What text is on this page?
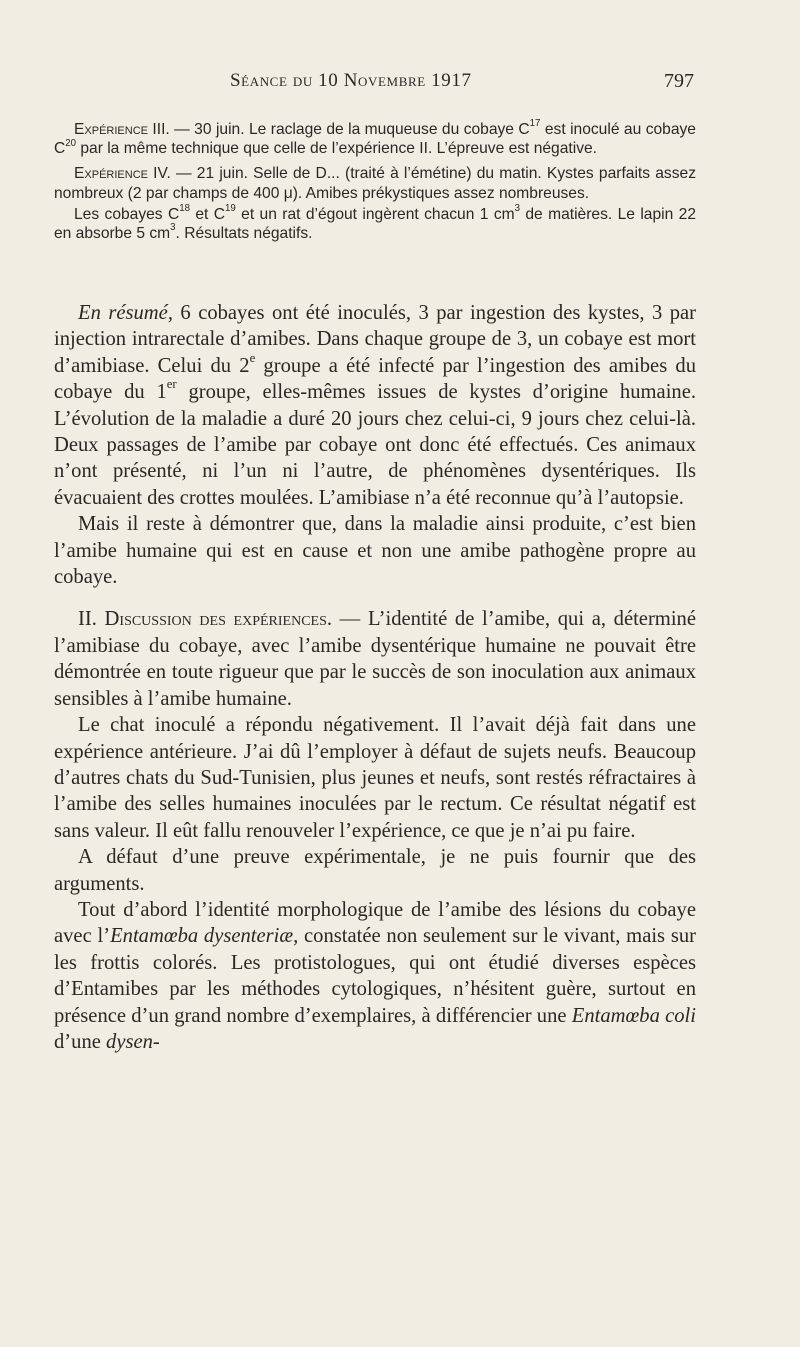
Séance du 10 Novembre 1917	797

Expérience III. — 30 juin. Le raclage de la muqueuse du cobaye $C^{17}$ est inoculé au cobaye $C^{20}$ par la même technique que celle de l’expérience II. L’épreuve est négative.

Expérience IV. — 21 juin. Selle de D... (traité à l’émétine) du matin. Kystes parfaits assez nombreux (2 par champs de 400 μ). Amibes prékystiques assez nombreuses.

Les cobayes $C^{18}$ et $C^{19}$ et un rat d’égout ingèrent chacun 1 $cm^3$ de matières. Le lapin 22 en absorbe 5 $cm^3$. Résultats négatifs.

En résumé, 6 cobayes ont été inoculés, 3 par ingestion des kystes, 3 par injection intrarectale d’amibes. Dans chaque groupe de 3, un cobaye est mort d’amibiase. Celui du 2e groupe a été infecté par l’ingestion des amibes du cobaye du 1er groupe, elles-mêmes issues de kystes d’origine humaine. L’évolution de la maladie a duré 20 jours chez celui-ci, 9 jours chez celui-là. Deux passages de l’amibe par cobaye ont donc été effectués. Ces animaux n’ont présenté, ni l’un ni l’autre, de phénomènes dysentériques. Ils évacuaient des crottes moulées. L’amibiase n’a été reconnue qu’à l’autopsie.

Mais il reste à démontrer que, dans la maladie ainsi produite, c’est bien l’amibe humaine qui est en cause et non une amibe pathogène propre au cobaye.

II. Discussion des expériences. — L’identité de l’amibe, qui a, déterminé l’amibiase du cobaye, avec l’amibe dysentérique humaine ne pouvait être démontrée en toute rigueur que par le succès de son inoculation aux animaux sensibles à l’amibe humaine.

Le chat inoculé a répondu négativement. Il l’avait déjà fait dans une expérience antérieure. J’ai dû l’employer à défaut de sujets neufs. Beaucoup d’autres chats du Sud-Tunisien, plus jeunes et neufs, sont restés réfractaires à l’amibe des selles humaines inoculées par le rectum. Ce résultat négatif est sans valeur. Il eût fallu renouveler l’expérience, ce que je n’ai pu faire.

A défaut d’une preuve expérimentale, je ne puis fournir que des arguments.

Tout d’abord l’identité morphologique de l’amibe des lésions du cobaye avec l’Entamœba dysenteriæ, constatée non seulement sur le vivant, mais sur les frottis colorés. Les protistologues, qui ont étudié diverses espèces d’Entamibes par les méthodes cytologiques, n’hésitent guère, surtout en présence d’un grand nombre d’exemplaires, à différencier une Entamœba coli d’une dysen-
